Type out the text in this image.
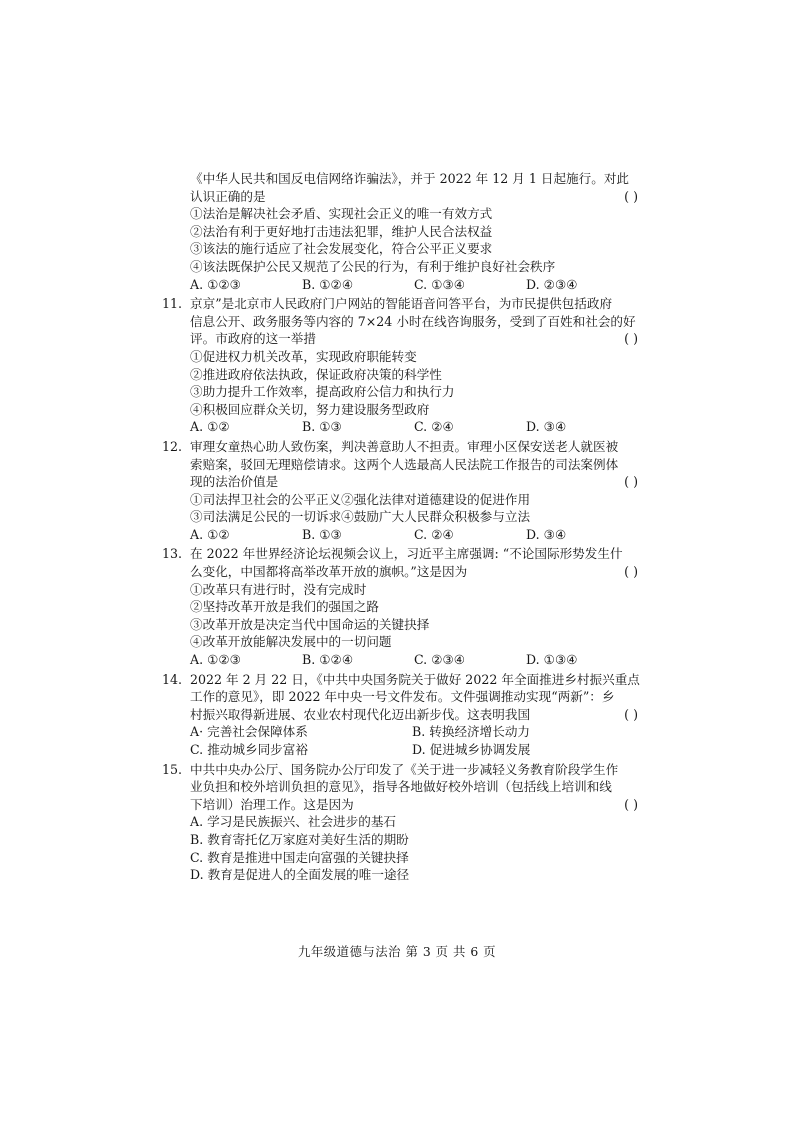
《中华人民共和国反电信网络诈骗法》，并于 2022 年 12 月 1 日起施行。对此
认识正确的是	( )
①法治是解决社会矛盾、实现社会正义的唯一有效方式
②法治有利于更好地打击违法犯罪，维护人民合法权益
③该法的施行适应了社会发展变化，符合公平正义要求
④该法既保护公民又规范了公民的行为，有利于维护良好社会秩序
A. ①②③	B. ①②④	C. ①③④	D. ②③④
11. 京京”是北京市人民政府门户网站的智能语音问答平台，为市民提供包括政府
信息公开、政务服务等内容的 7×24 小时在线咨询服务，受到了百姓和社会的好
评。市政府的这一举措	( )
①促进权力机关改革，实现政府职能转变
②推进政府依法执政，保证政府决策的科学性
③助力提升工作效率，提高政府公信力和执行力
④积极回应群众关切，努力建设服务型政府
A. ①②	B. ①③	C. ②④	D. ③④
12. 审理女童热心助人致伤案，判决善意助人不担责。审理小区保安送老人就医被
索赔案，驳回无理赔偿请求。这两个人选最高人民法院工作报告的司法案例体
现的法治价值是	( )
①司法捍卫社会的公平正义②强化法律对道德建设的促进作用
③司法满足公民的一切诉求④鼓励广大人民群众积极参与立法
A. ①②	B. ①③	C. ②④	D. ③④
13. 在 2022 年世界经济论坛视频会议上，习近平主席强调: “不论国际形势发生什
么变化，中国都将高举改革开放的旗帜。”这是因为	( )
①改革只有进行时，没有完成时
②坚持改革开放是我们的强国之路
③改革开放是决定当代中国命运的关键抉择
④改革开放能解决发展中的一切问题
A. ①②③	B. ①②④	C. ②③④	D. ①③④
14. 2022 年 2 月 22 日，《中共中央国务院关于做好 2022 年全面推进乡村振兴重点
工作的意见》，即 2022 年中央一号文件发布。文件强调推动实现“两新”：乡
村振兴取得新进展、农业农村现代化迈出新步伐。这表明我国	( )
A· 完善社会保障体系	B. 转换经济增长动力
C. 推动城乡同步富裕	D. 促进城乡协调发展
15. 中共中央办公厅、国务院办公厅印发了《关于进一步减轻义务教育阶段学生作
业负担和校外培训负担的意见》，指导各地做好校外培训（包括线上培训和线
下培训）治理工作。这是因为	( )
A. 学习是民族振兴、社会进步的基石
B. 教育寄托亿万家庭对美好生活的期盼
C. 教育是推进中国走向富强的关键抉择
D. 教育是促进人的全面发展的唯一途径
九年级道德与法治 第 3 页 共 6 页
